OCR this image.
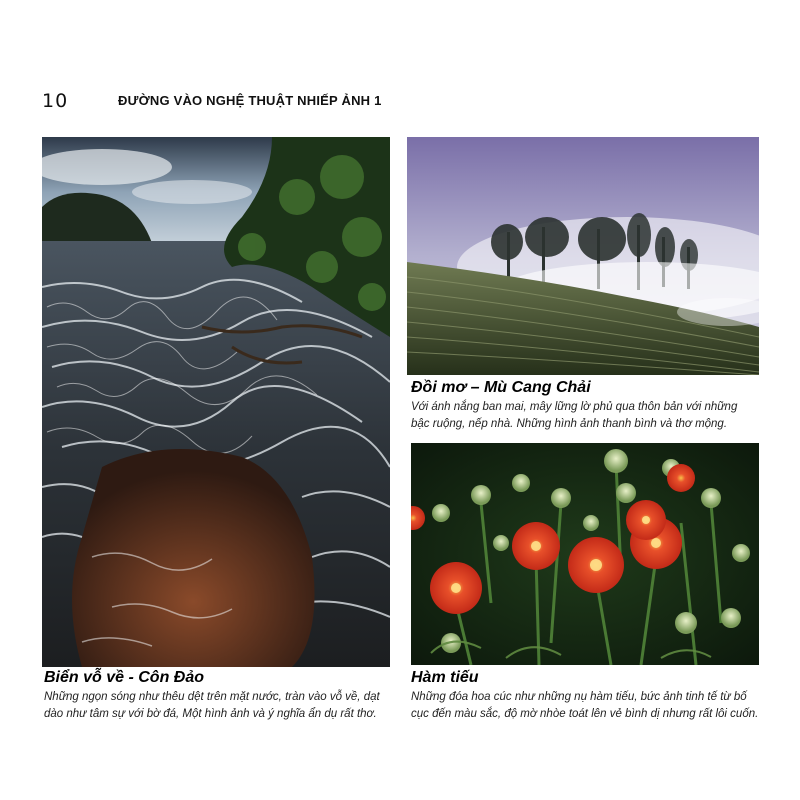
10	ĐƯỜNG VÀO NGHỆ THUẬT NHIẾP ẢNH 1
Đồi mơ – Mù Cang Chải
Với ánh nắng ban mai, mây lững lờ phủ qua thôn bản với những
bậc ruộng, nếp nhà. Những hình ảnh thanh bình và thơ mộng.
Biển vỗ về - Côn Đảo
Những ngọn sóng như thêu dệt trên mặt nước, tràn vào vỗ về, dạt
dào như tâm sự với bờ đá, Một hình ảnh và ý nghĩa ẩn dụ rất thơ.
Hàm tiếu
Những đóa hoa cúc như những nụ hàm tiếu, bức ảnh tinh tế từ bố
cục đến màu sắc, độ mờ nhòe toát lên vẻ bình dị nhưng rất lôi cuốn.
